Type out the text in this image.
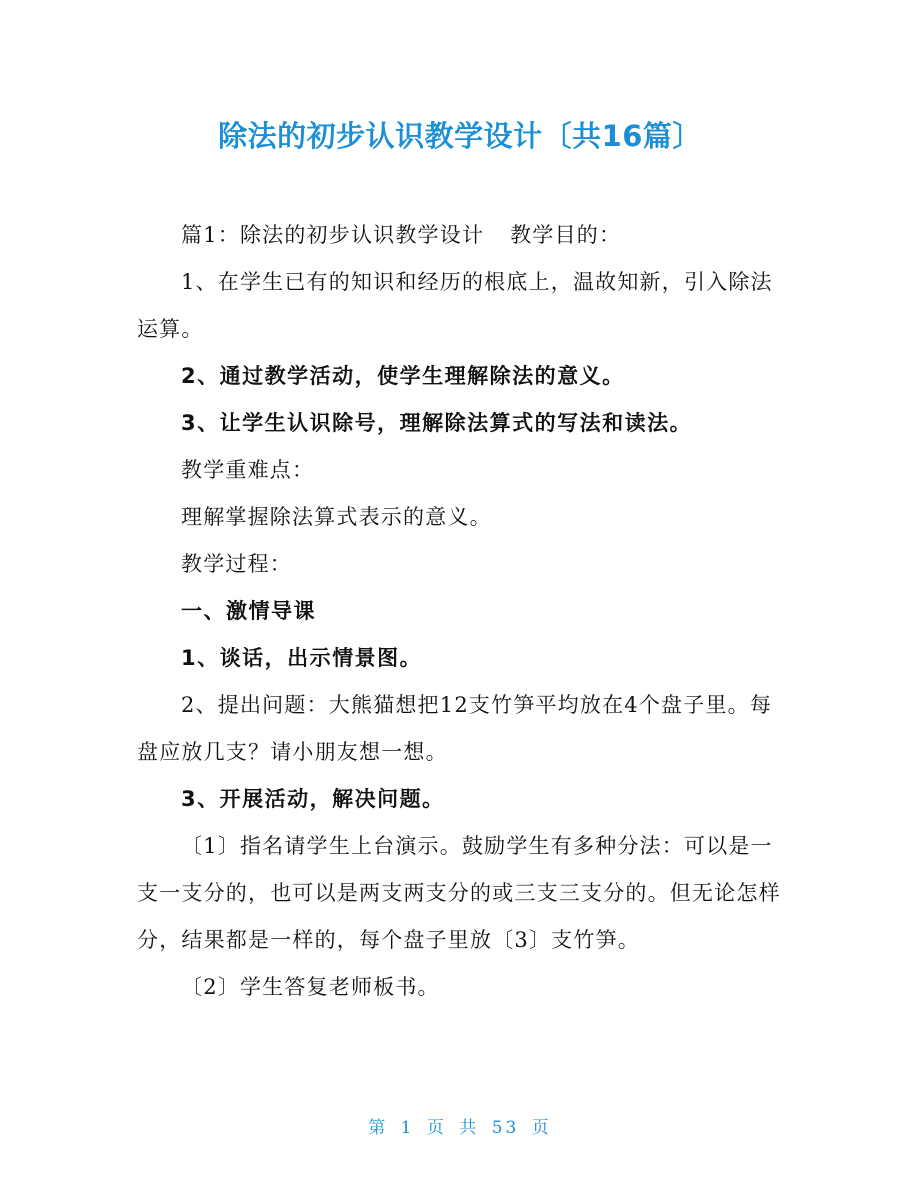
除法的初步认识教学设计〔共16篇〕

篇1：除法的初步认识教学设计 教学目的：

1、在学生已有的知识和经历的根底上，温故知新，引入除法运算。

2、通过教学活动，使学生理解除法的意义。

3、让学生认识除号，理解除法算式的写法和读法。

教学重难点：

理解掌握除法算式表示的意义。

教学过程：

一、激情导课

1、谈话，出示情景图。

2、提出问题：大熊猫想把12支竹笋平均放在4个盘子里。每盘应放几支？请小朋友想一想。

3、开展活动，解决问题。

〔1〕指名请学生上台演示。鼓励学生有多种分法：可以是一支一支分的，也可以是两支两支分的或三支三支分的。但无论怎样分，结果都是一样的，每个盘子里放〔3〕支竹笋。

〔2〕学生答复老师板书。

第 1 页 共 53 页
